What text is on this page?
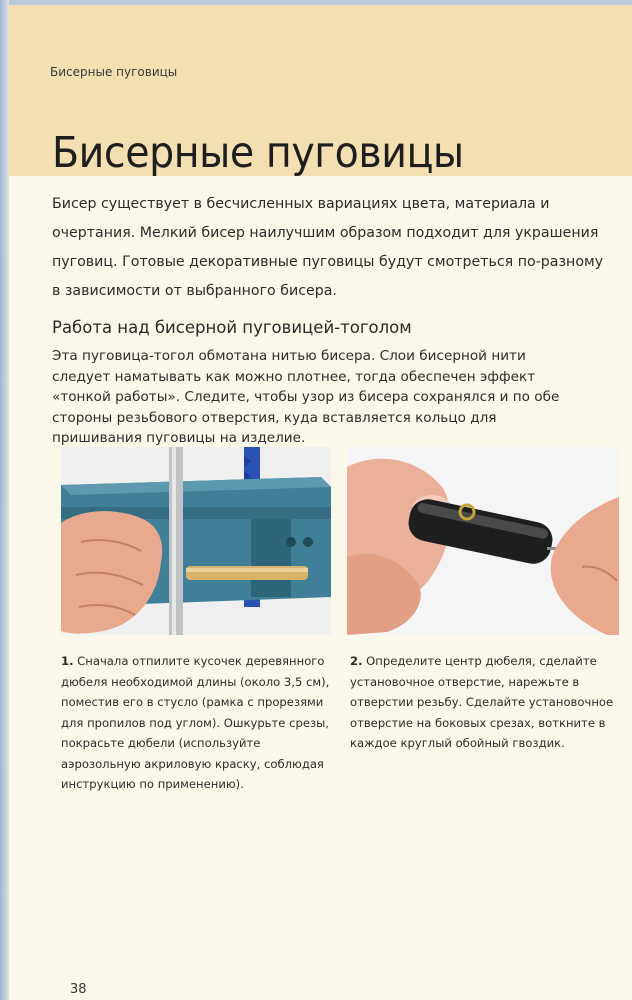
Бисерные пуговицы
Бисерные пуговицы

Бисер существует в бесчисленных вариациях цвета, материала и очертания. Мелкий бисер наилучшим образом подходит для украшения пуговиц. Готовые декоративные пуговицы будут смотреться по-разному в зависимости от выбранного бисера.

Работа над бисерной пуговицей-тоголом

Эта пуговица-тогол обмотана нитью бисера. Слои бисерной нити следует наматывать как можно плотнее, тогда обеспечен эффект «тонкой работы». Следите, чтобы узор из бисера сохранялся и по обе стороны резьбового отверстия, куда вставляется кольцо для пришивания пуговицы на изделие.

1. Сначала отпилите кусочек деревянного дюбеля необходимой длины (около 3,5 см), поместив его в стусло (рамка с прорезями для пропилов под углом). Ошкурьте срезы, покрасьте дюбели (используйте аэрозольную акриловую краску, соблюдая инструкцию по применению).

2. Определите центр дюбеля, сделайте установочное отверстие, нарежьте в отверстии резьбу. Сделайте установочное отверстие на боковых срезах, воткните в каждое круглый обойный гвоздик.

38
